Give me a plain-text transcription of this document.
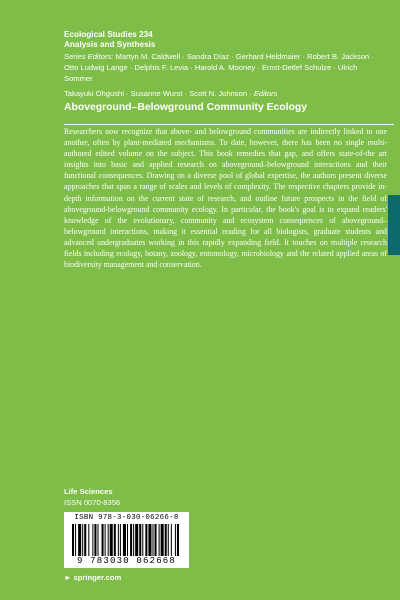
Ecological Studies 234
Analysis and Synthesis
Series Editors: Martyn M. Caldwell · Sandra Díaz · Gerhard Heldmaier · Robert B. Jackson · Otto Ludwig Lange · Delphis F. Levia · Harold A. Mooney · Ernst-Detlef Schulze · Ulrich Sommer
Takayuki Ohgushi · Susanne Wurst · Scott N. Johnson · Editors
Aboveground–Belowground Community Ecology
Researchers now recognize that above- and belowground communities are indirectly linked to one another, often by plant-mediated mechanisms. To date, however, there has been no single multi-authored edited volume on the subject. This book remedies that gap, and offers state-of-the art insights into basic and applied research on aboveground–belowground interactions and their functional consequences. Drawing on a diverse pool of global expertise, the authors present diverse approaches that span a range of scales and levels of complexity. The respective chapters provide in-depth information on the current state of research, and outline future prospects in the field of aboveground-belowground community ecology. In particular, the book's goal is to expand readers' knowledge of the evolutionary, community and ecosystem consequences of aboveground–belowground interactions, making it essential reading for all biologists, graduate students and advanced undergraduates working in this rapidly expanding field. It touches on multiple research fields including ecology, botany, zoology, entomology, microbiology and the related applied areas of biodiversity management and conservation.
Life Sciences
ISSN 0070-8356
ISBN 978-3-030-06266-8
9 783030 062668
► springer.com
